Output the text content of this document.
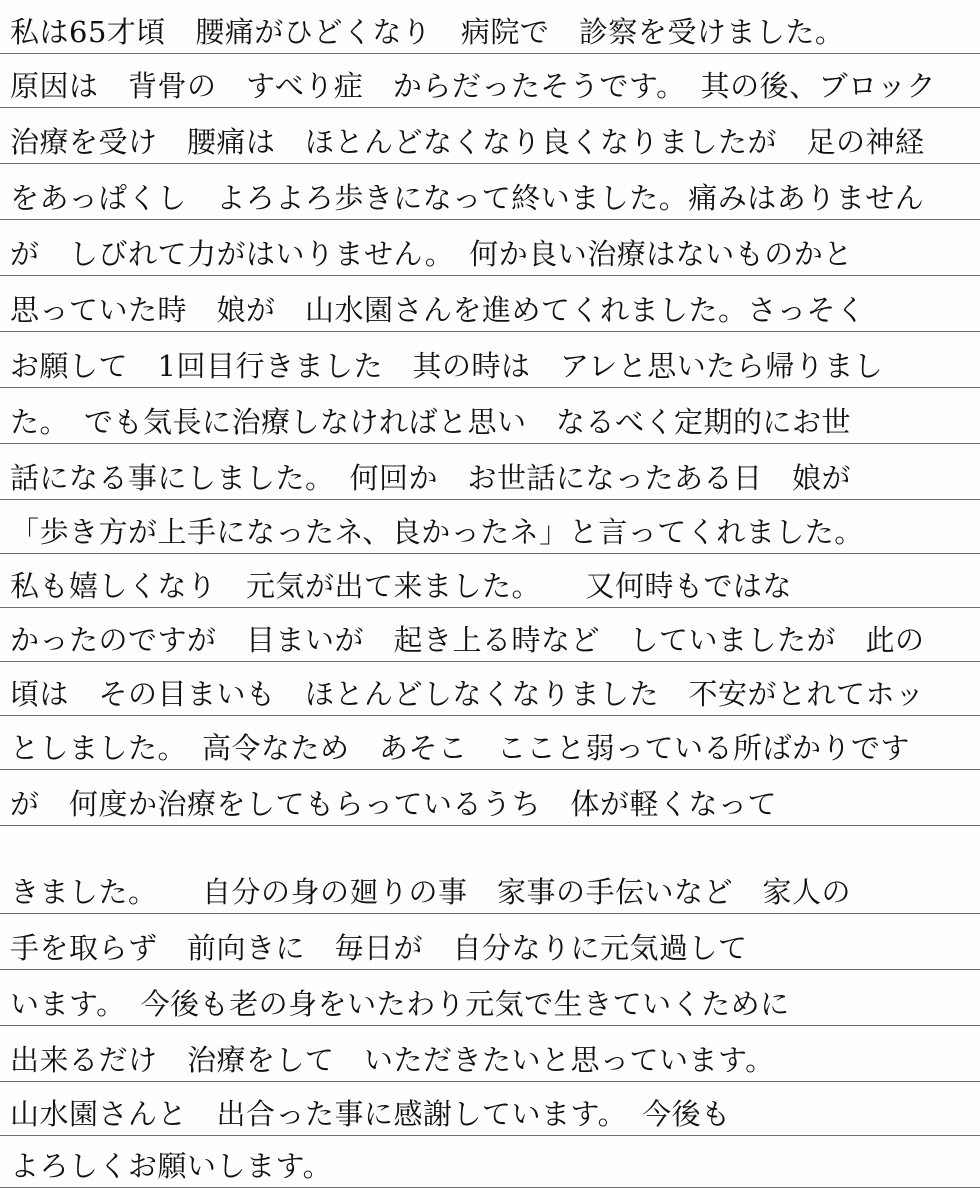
私は65才頃　腰痛がひどくなり　病院で　診察を受けました。
原因は　背骨の　すべり症　からだったそうです。　其の後、ブロック
治療を受け　腰痛は　ほとんどなくなり良くなりましたが　足の神経
をあっぱくし　よろよろ歩きになって終いました。痛みはありません
が　しびれて力がはいりません。　何か良い治療はないものかと
思っていた時　娘が　山水園さんを進めてくれました。さっそく
お願して　1回目行きました　其の時は　アレと思いたら帰りまし
た。　でも気長に治療しなければと思い　なるべく定期的にお世
話になる事にしました。　何回か　お世話になったある日　娘が
「歩き方が上手になったネ、良かったネ」と言ってくれました。
私も嬉しくなり　元気が出て来ました。　　又何時もではな
かったのですが　目まいが　起き上る時など　していましたが　此の
頃は　その目まいも　ほとんどしなくなりました　不安がとれてホッ
としました。　高令なため　あそこ　ここと弱っている所ばかりです
が　何度か治療をしてもらっているうち　体が軽くなって
きました。　　自分の身の廻りの事　家事の手伝いなど　家人の
手を取らず　前向きに　毎日が　自分なりに元気過して
います。　今後も老の身をいたわり元気で生きていくために
出来るだけ　治療をして　いただきたいと思っています。
山水園さんと　出合った事に感謝しています。　今後も
よろしくお願いします。
